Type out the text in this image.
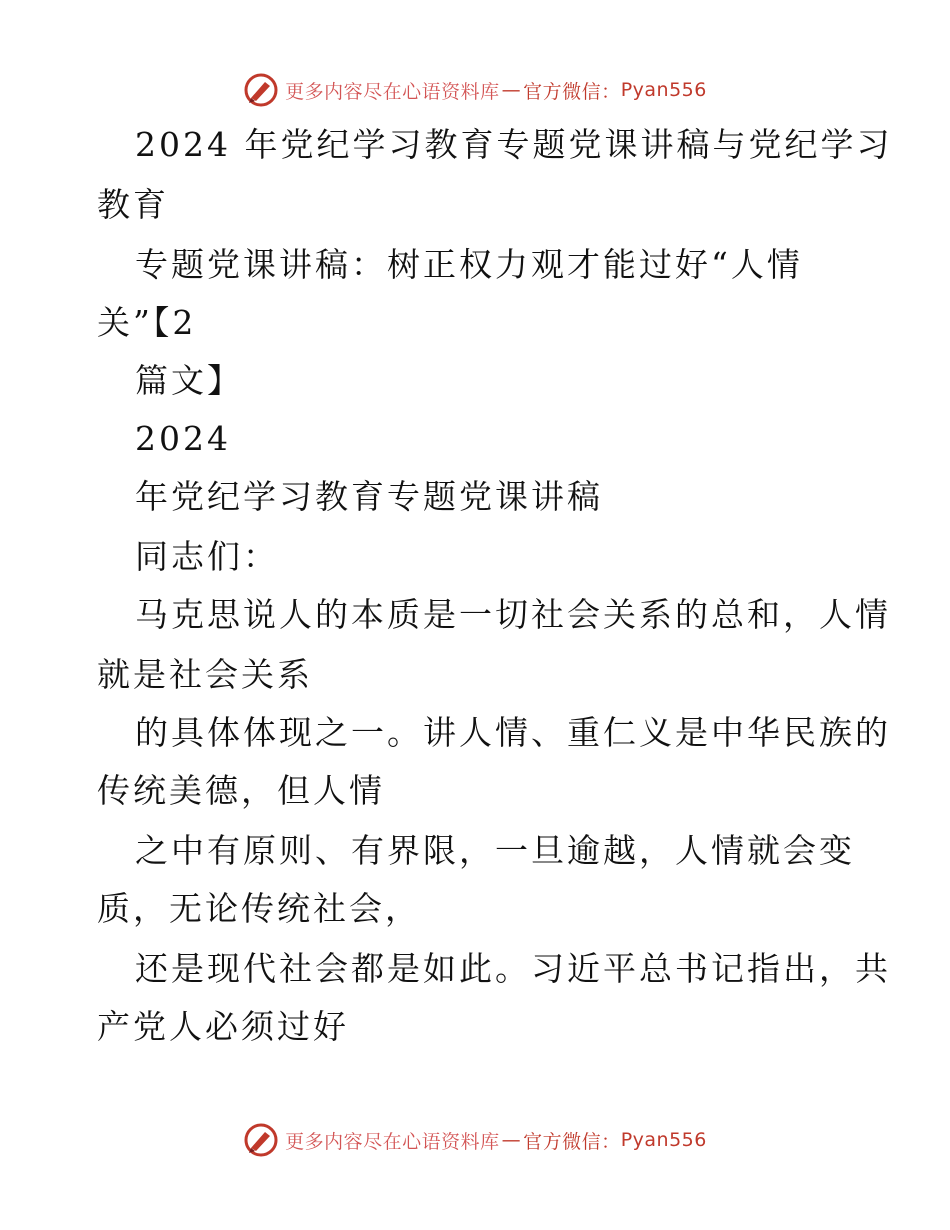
更多内容尽在心语资料库 — 官方微信： Pyan556
2024 年党纪学习教育专题党课讲稿与党纪学习
教育
专题党课讲稿：树正权力观才能过好“人情
关”【2
篇文】
2024
年党纪学习教育专题党课讲稿
同志们：
马克思说人的本质是一切社会关系的总和，人情
就是社会关系
的具体体现之一。讲人情、重仁义是中华民族的
传统美德，但人情
之中有原则、有界限，一旦逾越，人情就会变
质，无论传统社会，
还是现代社会都是如此。习近平总书记指出，共
产党人必须过好
更多内容尽在心语资料库 — 官方微信： Pyan556
